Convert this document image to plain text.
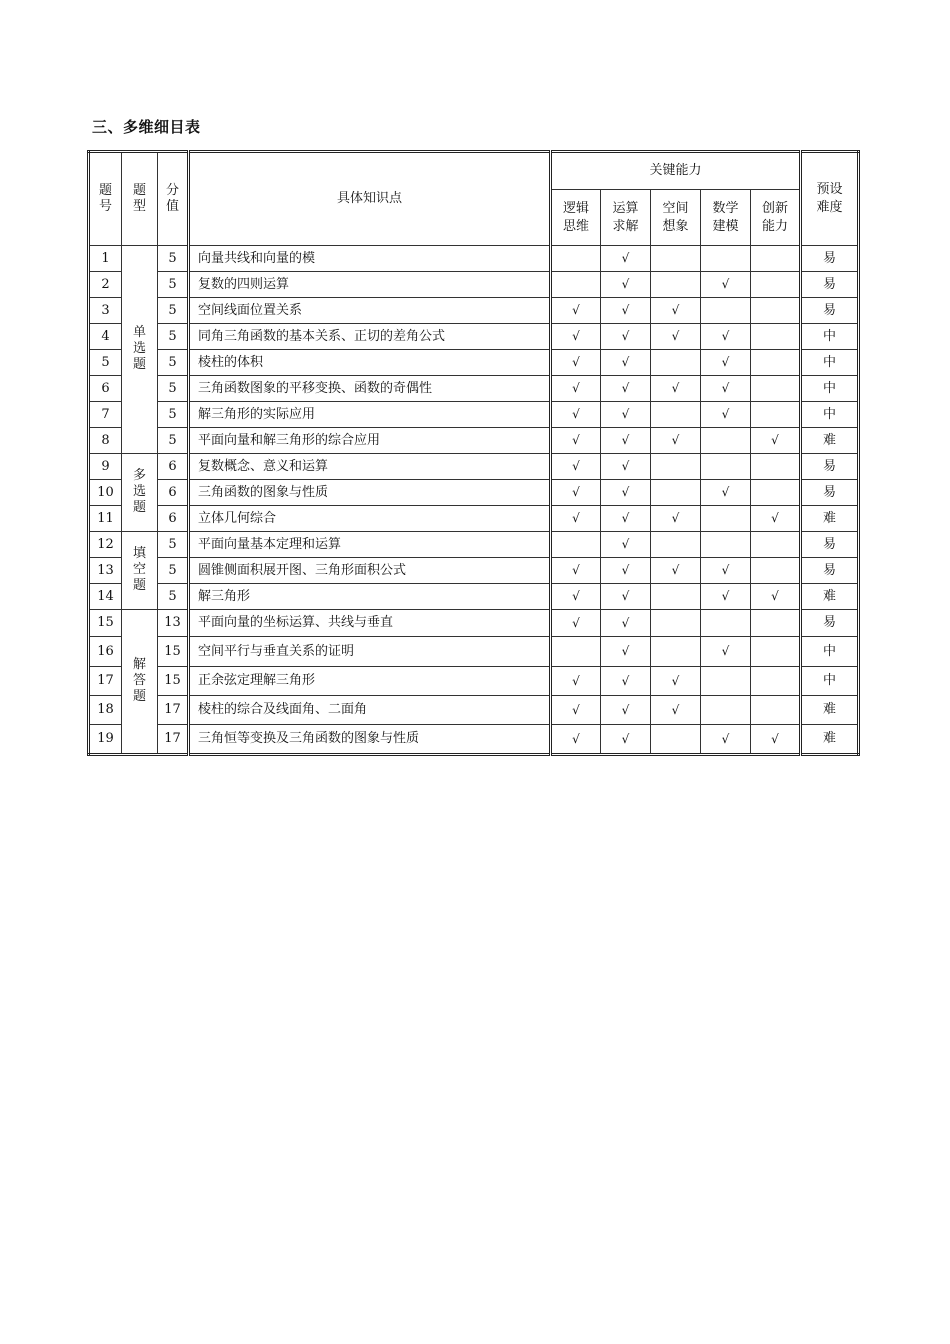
三、多维细目表
题号	题型	分值	具体知识点	关键能力					预设难度
				逻辑思维	运算求解	空间想象	数学建模	创新能力	
1	单选题	5	向量共线和向量的模		√				易
2		5	复数的四则运算		√		√		易
3		5	空间线面位置关系	√	√	√			易
4		5	同角三角函数的基本关系、正切的差角公式	√	√	√	√		中
5		5	棱柱的体积	√	√		√		中
6		5	三角函数图象的平移变换、函数的奇偶性	√	√	√	√		中
7		5	解三角形的实际应用	√	√		√		中
8		5	平面向量和解三角形的综合应用	√	√	√		√	难
9	多选题	6	复数概念、意义和运算	√	√				易
10		6	三角函数的图象与性质	√	√		√		易
11		6	立体几何综合	√	√	√		√	难
12	填空题	5	平面向量基本定理和运算		√				易
13		5	圆锥侧面积展开图、三角形面积公式	√	√	√	√		易
14		5	解三角形	√	√		√	√	难
15	解答题	13	平面向量的坐标运算、共线与垂直	√	√				易
16		15	空间平行与垂直关系的证明		√		√		中
17		15	正余弦定理解三角形	√	√	√			中
18		17	棱柱的综合及线面角、二面角	√	√	√			难
19		17	三角恒等变换及三角函数的图象与性质	√	√		√	√	难
